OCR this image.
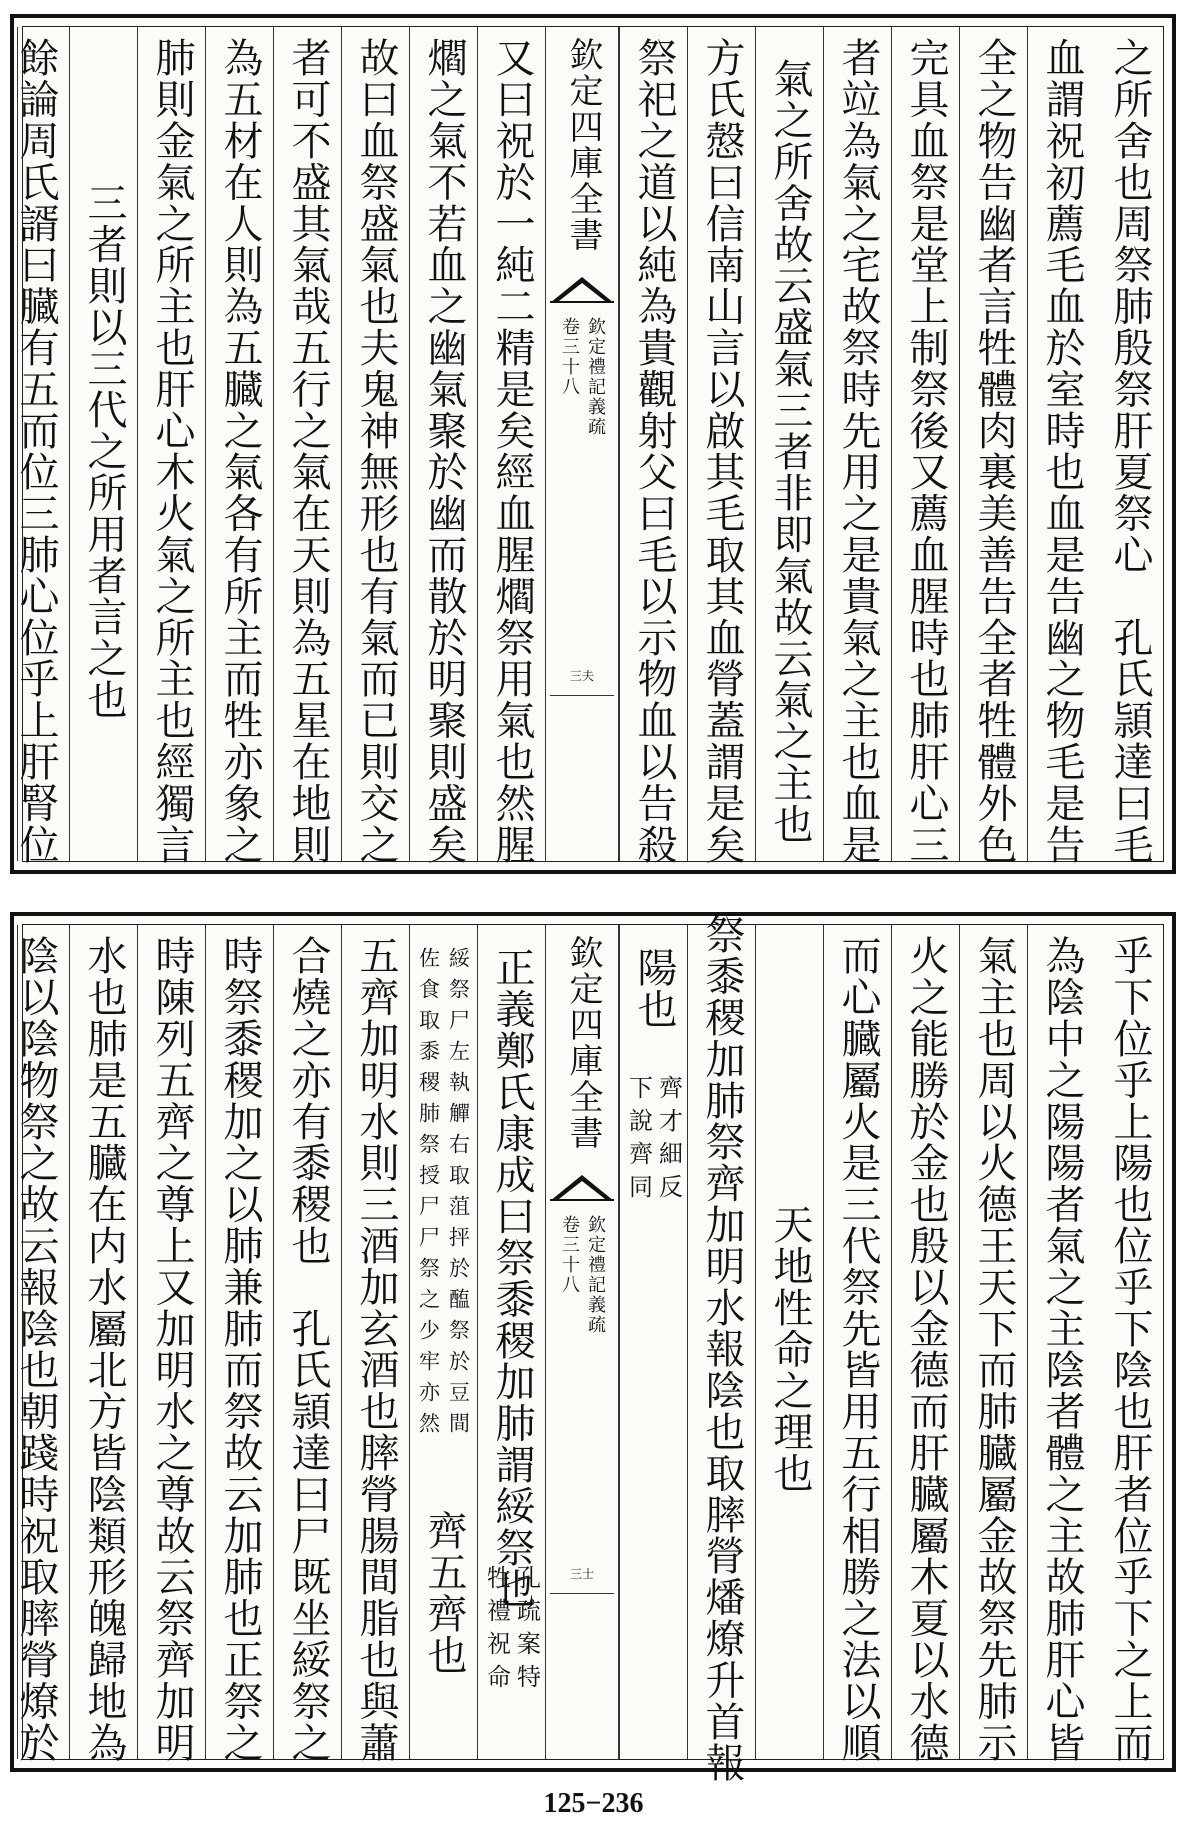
之所舍也周祭肺殷祭肝夏祭心　孔氏頴達曰毛
血謂祝初薦毛血於室時也血是告幽之物毛是告
全之物告幽者言牲體肉裏美善告全者牲體外色
完具血祭是堂上制祭後又薦血腥時也肺肝心三
者竝為氣之宅故祭時先用之是貴氣之主也血是
氣之所舍故云盛氣三者非即氣故云氣之主也
方氏慤曰信南山言以啟其毛取其血膋蓋謂是矣
祭祀之道以純為貴觀射父曰毛以示物血以告殺
欽定四庫全書
欽定禮記義疏
卷三十八
三夫
又曰祝於一純二精是矣經血腥爓祭用氣也然腥
爓之氣不若血之幽氣聚於幽而散於明聚則盛矣
故曰血祭盛氣也夫鬼神無形也有氣而已則交之
者可不盛其氣哉五行之氣在天則為五星在地則
為五材在人則為五臓之氣各有所主而牲亦象之
肺則金氣之所主也肝心木火氣之所主也經獨言
三者則以三代之所用者言之也
餘論周氏諝曰臓有五而位三肺心位乎上肝腎位
乎下位乎上陽也位乎下陰也肝者位乎下之上而
為陰中之陽陽者氣之主陰者體之主故肺肝心皆
氣主也周以火德王天下而肺臓屬金故祭先肺示
火之能勝於金也殷以金德而肝臓屬木夏以水德
而心臓屬火是三代祭先皆用五行相勝之法以順
天地性命之理也
祭黍稷加肺祭齊加明水報陰也取膟膋燔燎升首報
陽也
齊才細反
下說齊同
欽定四庫全書
欽定禮記義疏
卷三十八
三士
正義鄭氏康成曰祭黍稷加肺謂綏祭也
孔疏案特
牲禮祝命
綏祭尸左執觶右取菹抨於醢祭於豆間
佐食取黍稷肺祭授尸尸祭之少牢亦然
齊五齊也
五齊加明水則三酒加玄酒也膟膋腸間脂也與蕭
合燒之亦有黍稷也　孔氏頴達曰尸既坐綏祭之
時祭黍稷加之以肺兼肺而祭故云加肺也正祭之
時陳列五齊之尊上又加明水之尊故云祭齊加明
水也肺是五臓在内水屬北方皆陰類形魄歸地為
陰以陰物祭之故云報陰也朝踐時祝取膟膋燎於
125−236
